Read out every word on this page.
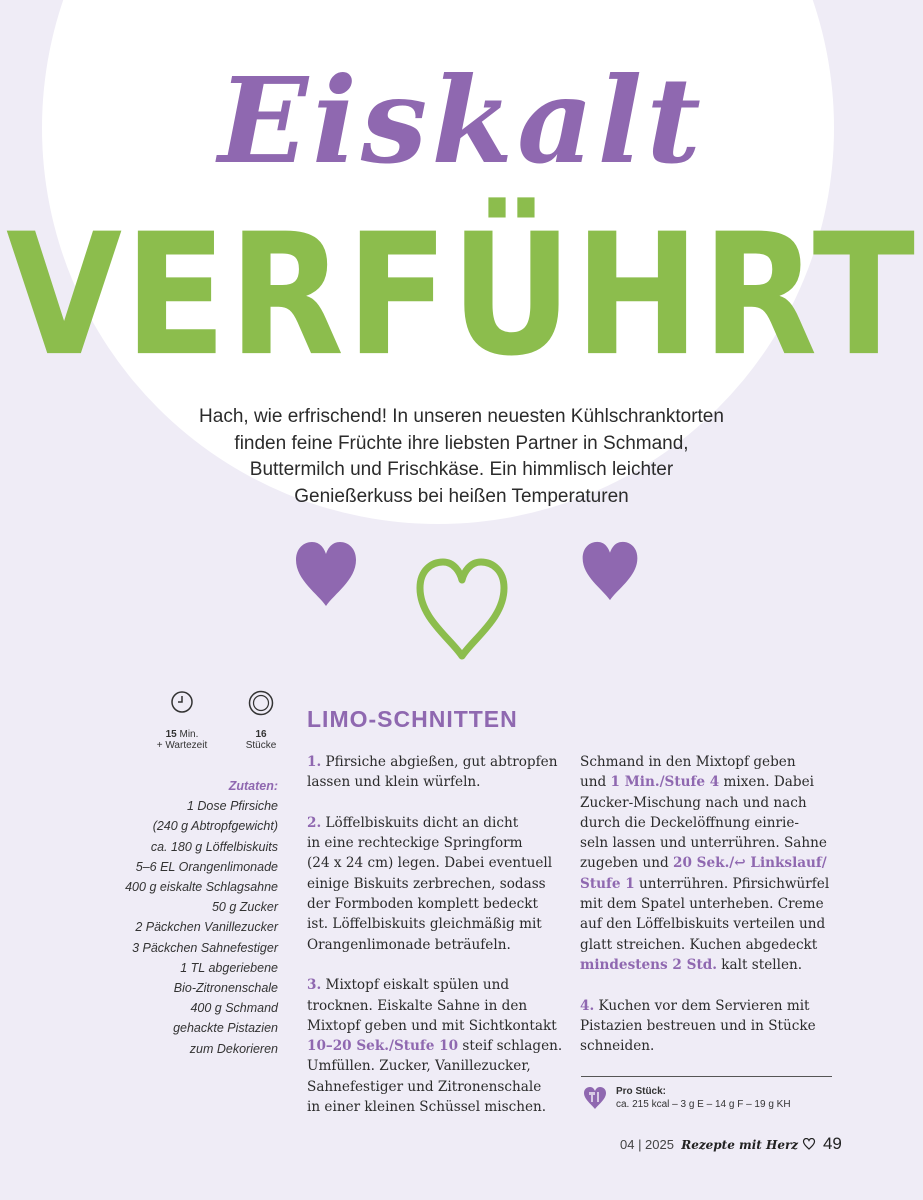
Eiskalt
VERFÜHRT
Hach, wie erfrischend! In unseren neuesten Kühlschranktorten
finden feine Früchte ihre liebsten Partner in Schmand,
Buttermilch und Frischkäse. Ein himmlisch leichter
Genießerkuss bei heißen Temperaturen
15 Min.
+ Wartezeit
16
Stücke
Zutaten:
1 Dose Pfirsiche
(240 g Abtropfgewicht)
ca. 180 g Löffelbiskuits
5–6 EL Orangenlimonade
400 g eiskalte Schlagsahne
50 g Zucker
2 Päckchen Vanillezucker
3 Päckchen Sahnefestiger
1 TL abgeriebene
Bio-Zitronenschale
400 g Schmand
gehackte Pistazien
zum Dekorieren
LIMO-SCHNITTEN

1. Pfirsiche abgießen, gut abtropfen
lassen und klein würfeln.

2. Löffelbiskuits dicht an dicht
in eine rechteckige Springform
(24 x 24 cm) legen. Dabei eventuell
einige Biskuits zerbrechen, sodass
der Formboden komplett bedeckt
ist. Löffelbiskuits gleichmäßig mit
Orangenlimonade beträufeln.

3. Mixtopf eiskalt spülen und
trocknen. Eiskalte Sahne in den
Mixtopf geben und mit Sichtkontakt
10–20 Sek./Stufe 10 steif schlagen.
Umfüllen. Zucker, Vanillezucker,
Sahnefestiger und Zitronenschale
in einer kleinen Schüssel mischen.

Schmand in den Mixtopf geben
und 1 Min./Stufe 4 mixen. Dabei
Zucker-Mischung nach und nach
durch die Deckelöffnung einrie-
seln lassen und unterrühren. Sahne
zugeben und 20 Sek./↩ Linkslauf/
Stufe 1 unterrühren. Pfirsichwürfel
mit dem Spatel unterheben. Creme
auf den Löffelbiskuits verteilen und
glatt streichen. Kuchen abgedeckt
mindestens 2 Std. kalt stellen.

4. Kuchen vor dem Servieren mit
Pistazien bestreuen und in Stücke
schneiden.

Pro Stück:
ca. 215 kcal – 3 g E – 14 g F – 19 g KH
04 | 2025 Rezepte mit Herz 49
